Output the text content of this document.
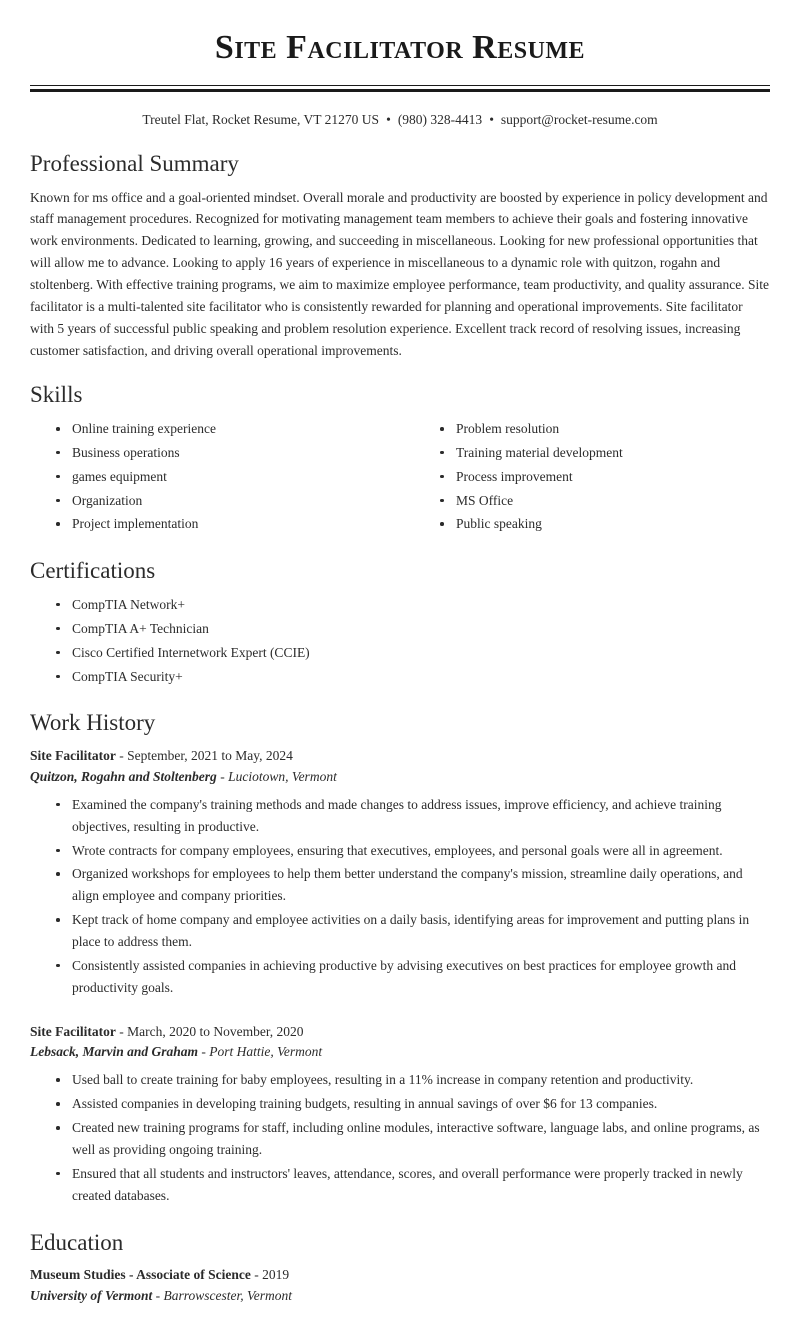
Site Facilitator Resume
Treutel Flat, Rocket Resume, VT 21270 US • (980) 328-4413 • support@rocket-resume.com
Professional Summary

Known for ms office and a goal-oriented mindset. Overall morale and productivity are boosted by experience in policy development and staff management procedures. Recognized for motivating management team members to achieve their goals and fostering innovative work environments. Dedicated to learning, growing, and succeeding in miscellaneous. Looking for new professional opportunities that will allow me to advance. Looking to apply 16 years of experience in miscellaneous to a dynamic role with quitzon, rogahn and stoltenberg. With effective training programs, we aim to maximize employee performance, team productivity, and quality assurance. Site facilitator is a multi-talented site facilitator who is consistently rewarded for planning and operational improvements. Site facilitator with 5 years of successful public speaking and problem resolution experience. Excellent track record of resolving issues, increasing customer satisfaction, and driving overall operational improvements.

Skills
Online training experience
Business operations
games equipment
Organization
Project implementation
Problem resolution
Training material development
Process improvement
MS Office
Public speaking
Certifications
CompTIA Network+
CompTIA A+ Technician
Cisco Certified Internetwork Expert (CCIE)
CompTIA Security+
Work History
Site Facilitator - September, 2021 to May, 2024
Quitzon, Rogahn and Stoltenberg - Luciotown, Vermont
Examined the company's training methods and made changes to address issues, improve efficiency, and achieve training objectives, resulting in productive.
Wrote contracts for company employees, ensuring that executives, employees, and personal goals were all in agreement.
Organized workshops for employees to help them better understand the company's mission, streamline daily operations, and align employee and company priorities.
Kept track of home company and employee activities on a daily basis, identifying areas for improvement and putting plans in place to address them.
Consistently assisted companies in achieving productive by advising executives on best practices for employee growth and productivity goals.
Site Facilitator - March, 2020 to November, 2020
Lebsack, Marvin and Graham - Port Hattie, Vermont
Used ball to create training for baby employees, resulting in a 11% increase in company retention and productivity.
Assisted companies in developing training budgets, resulting in annual savings of over $6 for 13 companies.
Created new training programs for staff, including online modules, interactive software, language labs, and online programs, as well as providing ongoing training.
Ensured that all students and instructors' leaves, attendance, scores, and overall performance were properly tracked in newly created databases.
Education
Museum Studies - Associate of Science - 2019
University of Vermont - Barrowscester, Vermont
